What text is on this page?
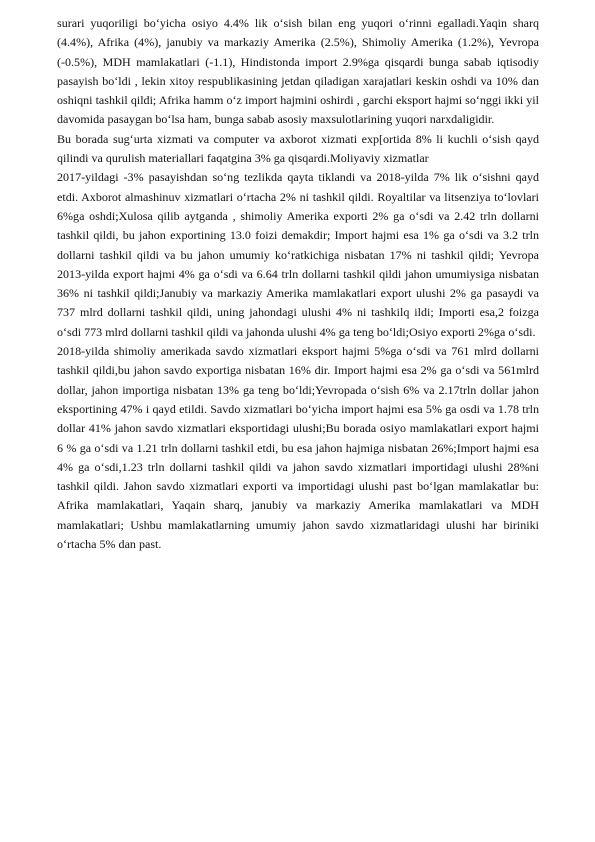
surari yuqoriligi bo‘yicha osiyo 4.4% lik o‘sish bilan eng yuqori o‘rinni egalladi.Yaqin sharq (4.4%), Afrika (4%), janubiy va markaziy Amerika (2.5%), Shimoliy Amerika (1.2%), Yevropa (-0.5%), MDH mamlakatlari (-1.1), Hindistonda import 2.9%ga qisqardi bunga sabab iqtisodiy pasayish bo‘ldi , lekin xitoy respublikasining jetdan qiladigan xarajatlari keskin oshdi va 10% dan oshiqni tashkil qildi; Afrika hamm o‘z import hajmini oshirdi , garchi eksport hajmi so‘nggi ikki yil davomida pasaygan bo‘lsa ham, bunga sabab asosiy maxsulotlarining yuqori narxdaligidir.

Bu borada sug‘urta xizmati va computer va axborot xizmati exp[ortida 8% li kuchli o‘sish qayd qilindi va qurulish materiallari faqatgina 3% ga qisqardi.Moliyaviy xizmatlar

2017-yildagi -3% pasayishdan so‘ng tezlikda qayta tiklandi va 2018-yilda 7% lik o‘sishni qayd etdi. Axborot almashinuv xizmatlari o‘rtacha 2% ni tashkil qildi. Royaltilar va litsenziya to‘lovlari 6%ga oshdi;Xulosa qilib aytganda , shimoliy Amerika exporti 2% ga o‘sdi va 2.42 trln dollarni tashkil qildi, bu jahon exportining 13.0 foizi demakdir; Import hajmi esa 1% ga o‘sdi va 3.2 trln dollarni tashkil qildi va bu jahon umumiy ko‘ratkichiga nisbatan 17% ni tashkil qildi; Yevropa 2013-yilda export hajmi 4% ga o‘sdi va 6.64 trln dollarni tashkil qildi jahon umumiysiga nisbatan 36% ni tashkil qildi;Janubiy va markaziy Amerika mamlakatlari export ulushi 2% ga pasaydi va 737 mlrd dollarni tashkil qildi, uning jahondagi ulushi 4% ni tashkilq ildi; Importi esa,2 foizga o‘sdi 773 mlrd dollarni tashkil qildi va jahonda ulushi 4% ga teng bo‘ldi;Osiyo exporti 2%ga o‘sdi.

2018-yilda shimoliy amerikada savdo xizmatlari eksport hajmi 5%ga o‘sdi va 761 mlrd dollarni tashkil qildi,bu jahon savdo exportiga nisbatan 16% dir. Import hajmi esa 2% ga o‘sdi va 561mlrd dollar, jahon importiga nisbatan 13% ga teng bo‘ldi;Yevropada o‘sish 6% va 2.17trln dollar jahon eksportining 47% i qayd etildi. Savdo xizmatlari bo‘yicha import hajmi esa 5% ga osdi va 1.78 trln dollar 41% jahon savdo xizmatlari eksportidagi ulushi;Bu borada osiyo mamlakatlari export hajmi 6 % ga o‘sdi va 1.21 trln dollarni tashkil etdi, bu esa jahon hajmiga nisbatan 26%;Import hajmi esa 4% ga o‘sdi,1.23 trln dollarni tashkil qildi va jahon savdo xizmatlari importidagi ulushi 28%ni tashkil qildi. Jahon savdo xizmatlari exporti va importidagi ulushi past bo‘lgan mamlakatlar bu: Afrika mamlakatlari, Yaqain sharq, janubiy va markaziy Amerika mamlakatlari va MDH mamlakatlari; Ushbu mamlakatlarning umumiy jahon savdo xizmatlaridagi ulushi har biriniki o‘rtacha 5% dan past.
